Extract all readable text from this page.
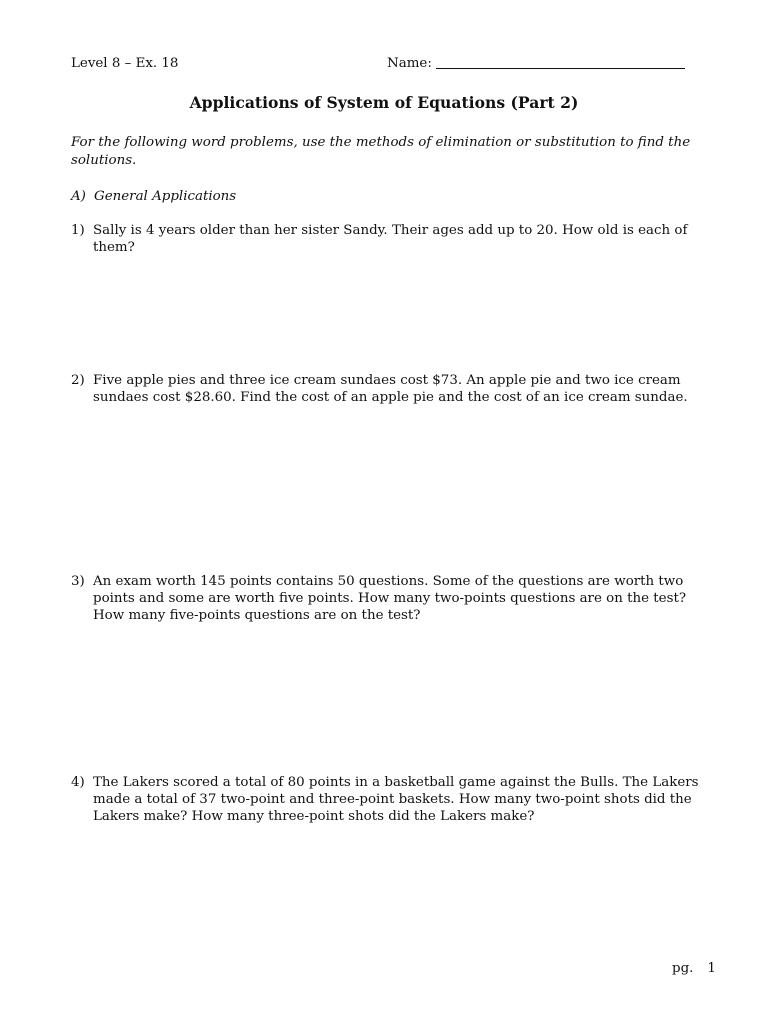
Level 8 – Ex. 18	Name:
Applications of System of Equations (Part 2)
For the following word problems, use the methods of elimination or substitution to find the solutions.
A) General Applications
1) Sally is 4 years older than her sister Sandy. Their ages add up to 20. How old is each of them?
2) Five apple pies and three ice cream sundaes cost $73. An apple pie and two ice cream sundaes cost $28.60. Find the cost of an apple pie and the cost of an ice cream sundae.
3) An exam worth 145 points contains 50 questions. Some of the questions are worth two points and some are worth five points. How many two-points questions are on the test? How many five-points questions are on the test?
4) The Lakers scored a total of 80 points in a basketball game against the Bulls. The Lakers made a total of 37 two-point and three-point baskets. How many two-point shots did the Lakers make? How many three-point shots did the Lakers make?
pg. 1
